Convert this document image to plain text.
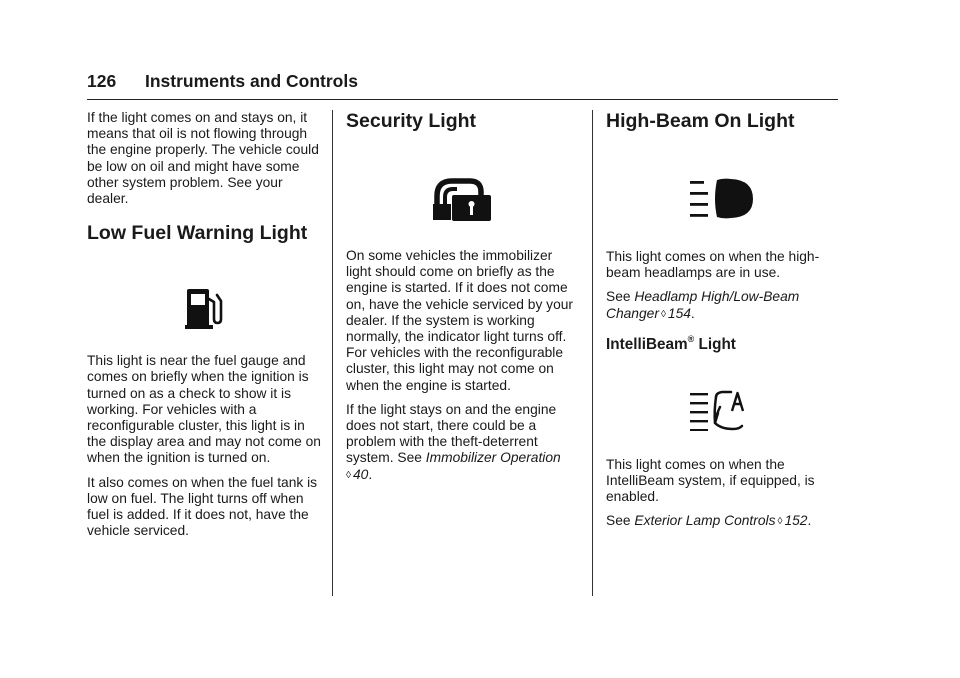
126 Instruments and Controls

If the light comes on and stays on, it means that oil is not flowing through the engine properly. The vehicle could be low on oil and might have some other system problem. See your dealer.

Low Fuel Warning Light

This light is near the fuel gauge and comes on briefly when the ignition is turned on as a check to show it is working. For vehicles with a reconfigurable cluster, this light is in the display area and may not come on when the ignition is turned on.

It also comes on when the fuel tank is low on fuel. The light turns off when fuel is added. If it does not, have the vehicle serviced.

Security Light

On some vehicles the immobilizer light should come on briefly as the engine is started. If it does not come on, have the vehicle serviced by your dealer. If the system is working normally, the indicator light turns off. For vehicles with the reconfigurable cluster, this light may not come on when the engine is started.

If the light stays on and the engine does not start, there could be a problem with the theft-deterrent system. See Immobilizer Operation
◊ 40.

High-Beam On Light

This light comes on when the high-beam headlamps are in use.

See Headlamp High/Low-Beam Changer ◊ 154.

IntelliBeam® Light

This light comes on when the IntelliBeam system, if equipped, is enabled.

See Exterior Lamp Controls ◊ 152.
